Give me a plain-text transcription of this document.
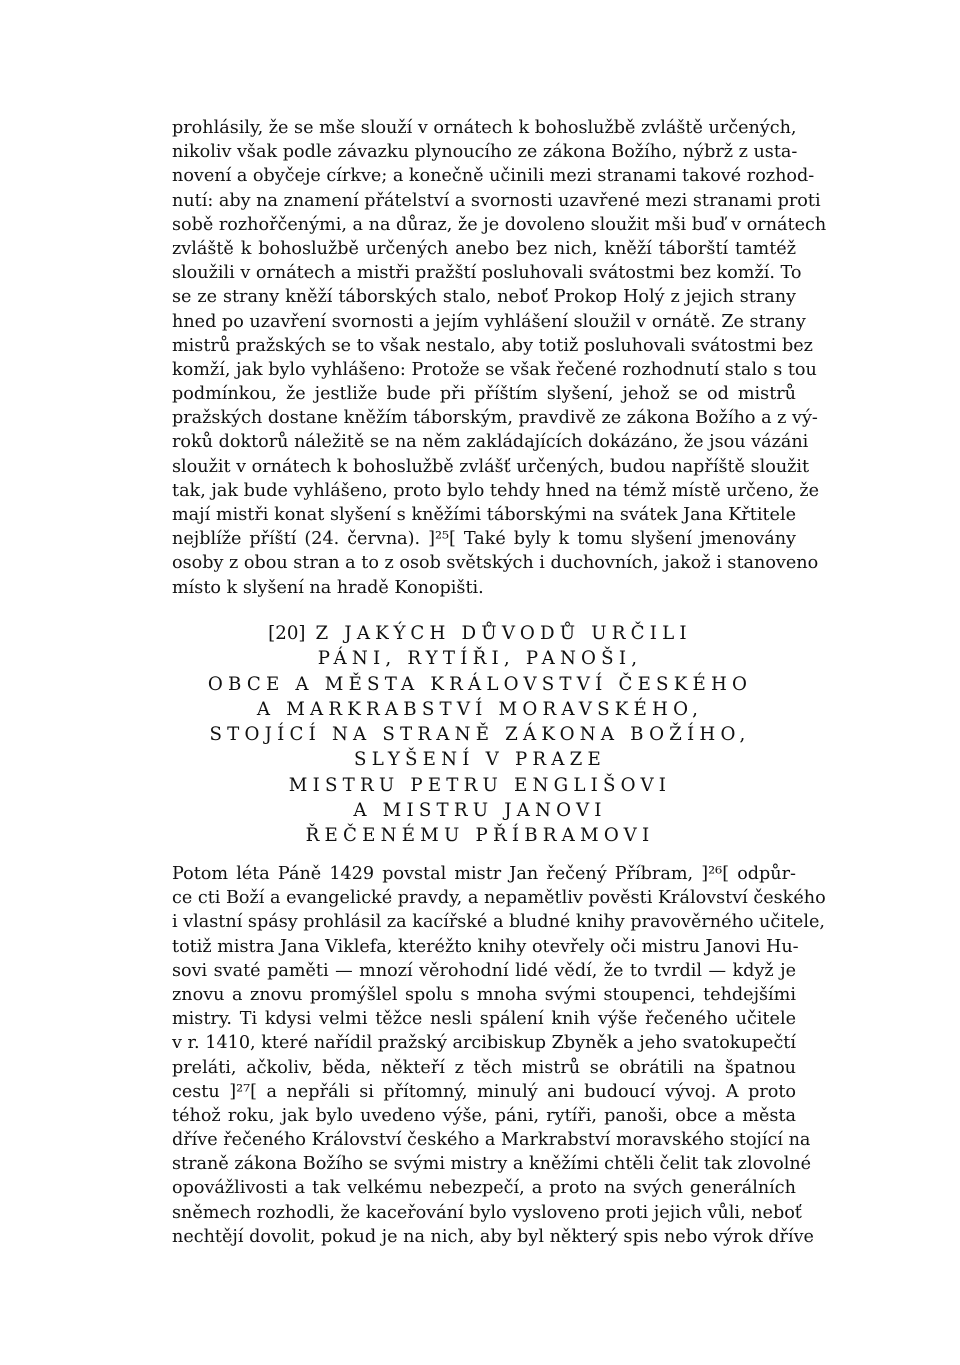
prohlásily, že se mše slouží v ornátech k bohoslužbě zvláště určených,
nikoliv však podle závazku plynoucího ze zákona Božího, nýbrž z usta-
novení a obyčeje církve; a konečně učinili mezi stranami takové rozhod-
nutí: aby na znamení přátelství a svornosti uzavřené mezi stranami proti
sobě rozhořčenými, a na důraz, že je dovoleno sloužit mši buď v ornátech
zvláště k bohoslužbě určených anebo bez nich, kněží táborští tamtéž
sloužili v ornátech a mistři pražští posluhovali svátostmi bez komží. To
se ze strany kněží táborských stalo, neboť Prokop Holý z jejich strany
hned po uzavření svornosti a jejím vyhlášení sloužil v ornátě. Ze strany
mistrů pražských se to však nestalo, aby totiž posluhovali svátostmi bez
komží, jak bylo vyhlášeno: Protože se však řečené rozhodnutí stalo s tou
podmínkou, že jestliže bude při příštím slyšení, jehož se od mistrů
pražských dostane kněžím táborským, pravdivě ze zákona Božího a z vý-
roků doktorů náležitě se na něm zakládajících dokázáno, že jsou vázáni
sloužit v ornátech k bohoslužbě zvlášť určených, budou napříště sloužit
tak, jak bude vyhlášeno, proto bylo tehdy hned na témž místě určeno, že
mají mistři konat slyšení s kněžími táborskými na svátek Jana Křtitele
nejblíže příští (24. června). ]²⁵[ Také byly k tomu slyšení jmenovány
osoby z obou stran a to z osob světských i duchovních, jakož i stanoveno
místo k slyšení na hradě Konopišti.
[20] Z JAKÝCH DŮVODŮ URČILI
PÁNI, RYTÍŘI, PANOŠI,
OBCE A MĚSTA KRÁLOVSTVÍ ČESKÉHO
A MARKRABSTVÍ MORAVSKÉHO,
STOJÍCÍ NA STRANĚ ZÁKONA BOŽÍHO,
SLYŠENÍ V PRAZE
MISTRU PETRU ENGLIŠOVI
A MISTRU JANOVI
ŘEČENÉMU PŘÍBRAMOVI
Potom léta Páně 1429 povstal mistr Jan řečený Příbram, ]²⁶[ odpůr-
ce cti Boží a evangelické pravdy, a nepamětliv pověsti Království českého
i vlastní spásy prohlásil za kacířské a bludné knihy pravověrného učitele,
totiž mistra Jana Viklefa, kteréžto knihy otevřely oči mistru Janovi Hu-
sovi svaté paměti — mnozí věrohodní lidé vědí, že to tvrdil — když je
znovu a znovu promýšlel spolu s mnoha svými stoupenci, tehdejšími
mistry. Ti kdysi velmi těžce nesli spálení knih výše řečeného učitele
v r. 1410, které nařídil pražský arcibiskup Zbyněk a jeho svatokupečtí
preláti, ačkoliv, běda, někteří z těch mistrů se obrátili na špatnou
cestu ]²⁷[ a nepřáli si přítomný, minulý ani budoucí vývoj. A proto
téhož roku, jak bylo uvedeno výše, páni, rytíři, panoši, obce a města
dříve řečeného Království českého a Markrabství moravského stojící na
straně zákona Božího se svými mistry a kněžími chtěli čelit tak zlovolné
opovážlivosti a tak velkému nebezpečí, a proto na svých generálních
sněmech rozhodli, že kaceřování bylo vysloveno proti jejich vůli, neboť
nechtějí dovolit, pokud je na nich, aby byl některý spis nebo výrok dříve
